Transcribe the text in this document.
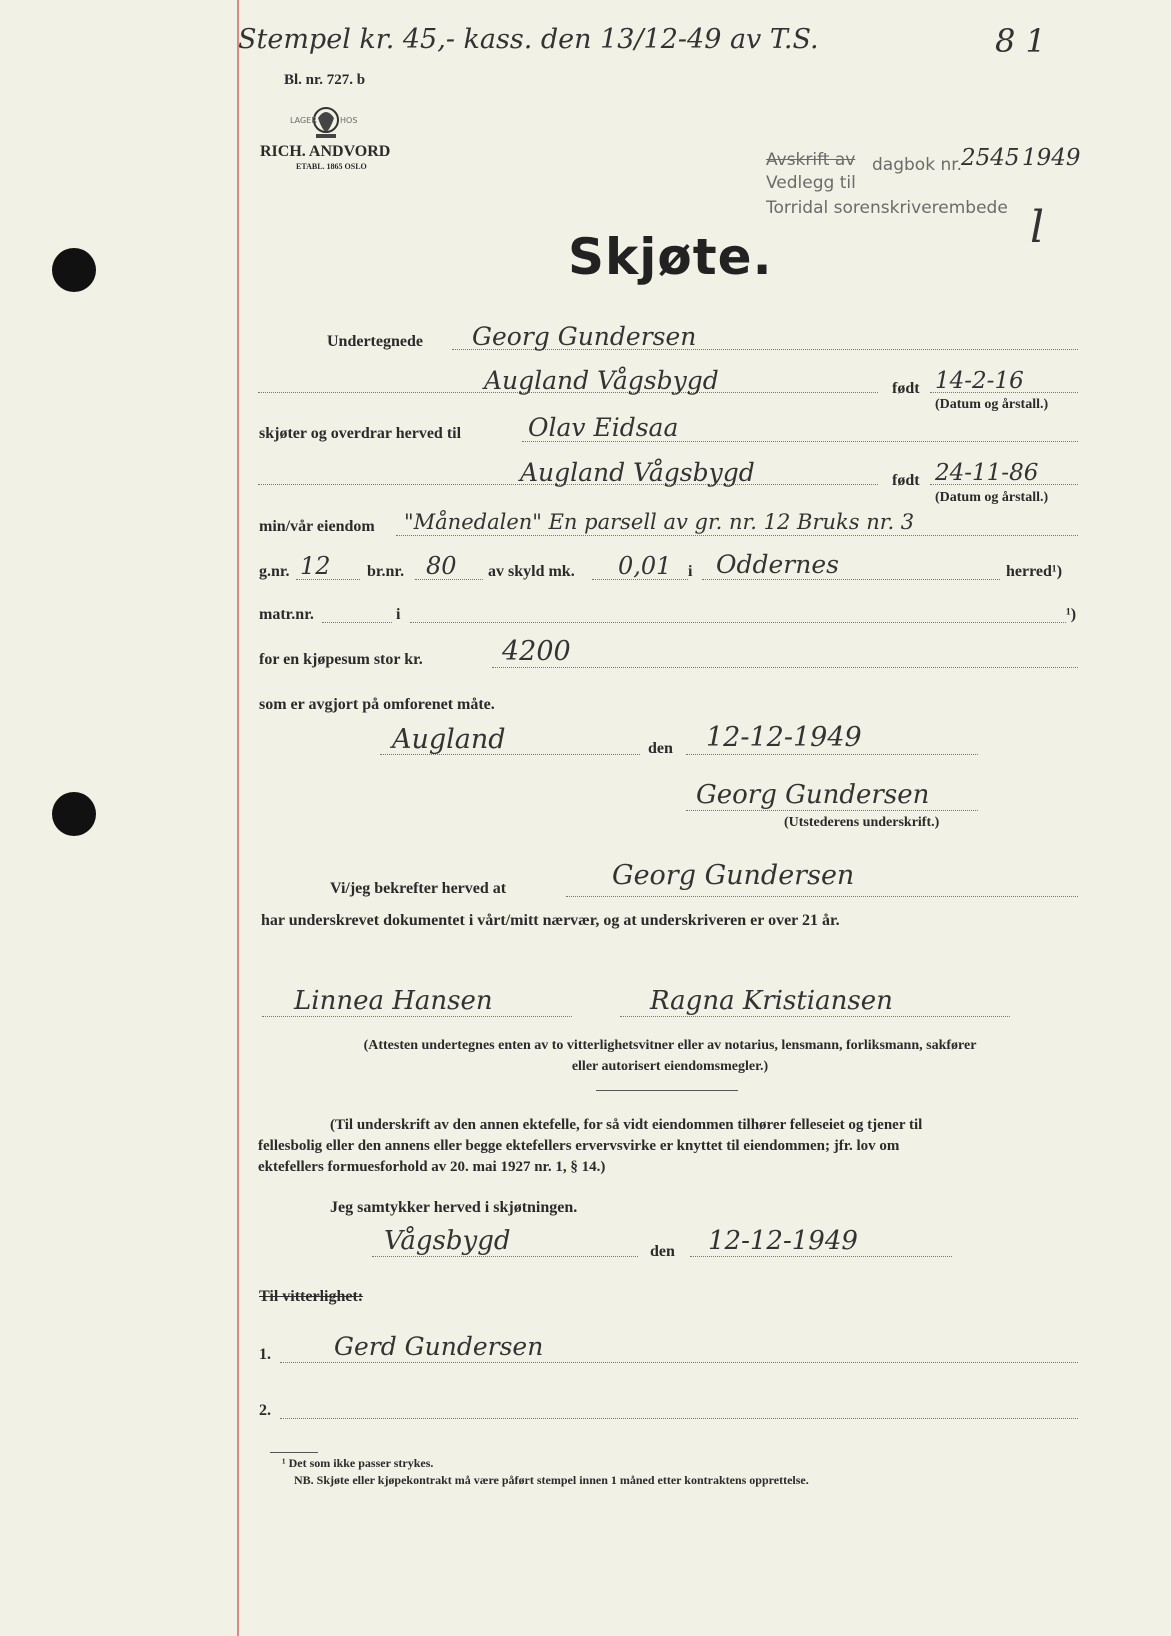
Stempel kr. 45,- kass. den 13/12-49 av T.S.	8 1
Bl. nr. 727. b
LAGER	HOS
RICH. ANDVORD
ETABL. 1865 OSLO	Avskrift av dagbok nr.
2545 1949
Vedlegg til
Torridal sorenskriverembede l
Skjøte.
Undertegnede Georg Gundersen
Augland Vågsbygd	født 14-2-16
(Datum og årstall.)
skjøter og overdrar herved til	Olav Eidsaa
Augland Vågsbygd	født 24-11-86
(Datum og årstall.)
min/vår eiendom "Månedalen" En parsell av gr. nr. 12 Bruks nr. 3
g.nr. 12 br.nr. 80 av skyld mk. 0,01 i Oddernes	herred¹)
matr.nr.	i	¹)
for en kjøpesum stor kr.	4200
som er avgjort på omforenet måte.
Augland	den 12-12-1949
Georg Gundersen
(Utstederens underskrift.)
Vi/jeg bekrefter herved at	Georg Gundersen
har underskrevet dokumentet i vårt/mitt nærvær, og at underskriveren er over 21 år.
Linnea Hansen	Ragna Kristiansen
(Attesten undertegnes enten av to vitterlighetsvitner eller av notarius, lensmann, forliksmann, sakfører
eller autorisert eiendomsmegler.)
(Til underskrift av den annen ektefelle, for så vidt eiendommen tilhører felleseiet og tjener til
fellesbolig eller den annens eller begge ektefellers ervervsvirke er knyttet til eiendommen; jfr. lov om
ektefellers formuesforhold av 20. mai 1927 nr. 1, § 14.)
Jeg samtykker herved i skjøtningen.
Vågsbygd	den 12-12-1949
Til vitterlighet:
1.	Gerd Gundersen
2.
¹ Det som ikke passer strykes.
NB. Skjøte eller kjøpekontrakt må være påført stempel innen 1 måned etter kontraktens opprettelse.
